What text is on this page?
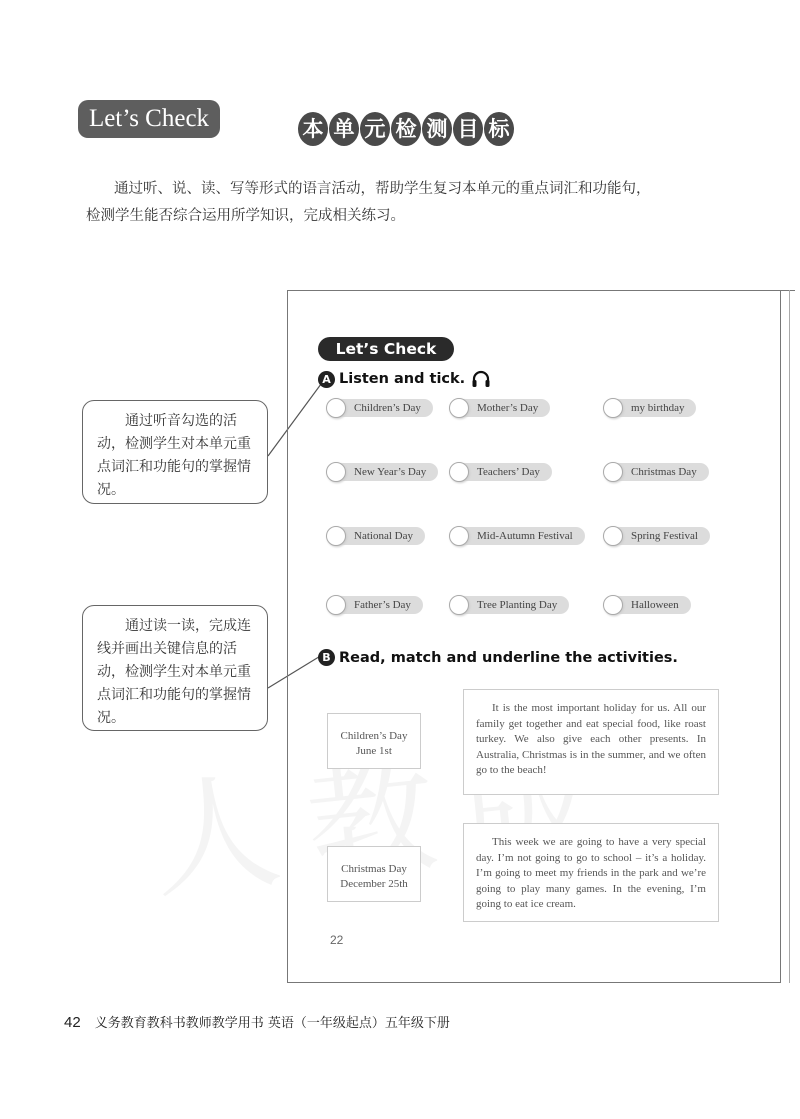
Let’s Check	本 单 元 检 测 目 标

通过听、说、读、写等形式的语言活动，帮助学生复习本单元的重点词汇和功能句，

检测学生能否综合运用所学知识，完成相关练习。

Let’s Check
A Listen and tick.
Children’s Day	Mother’s Day	my birthday
New Year’s Day	Teachers’ Day	Christmas Day
National Day	Mid-Autumn Festival	Spring Festival
Father’s Day	Tree Planting Day	Halloween
B Read, match and underline the activities.
Children’s Day
June 1st
Christmas Day
December 25th

It is the most important holiday for us. All our family get together and eat special food, like roast turkey. We also give each other presents. In Australia, Christmas is in the summer, and we often go to the beach!

This week we are going to have a very special day. I’m not going to go to school – it’s a holiday. I’m going to meet my friends in the park and we’re going to play many games. In the evening, I’m going to eat ice cream.

22

通过听音勾选的活动，检测学生对本单元重点词汇和功能句的掌握情况。

通过读一读，完成连线并画出关键信息的活动，检测学生对本单元重点词汇和功能句的掌握情况。

42 义务教育教科书教师教学用书 英语（一年级起点）五年级下册
